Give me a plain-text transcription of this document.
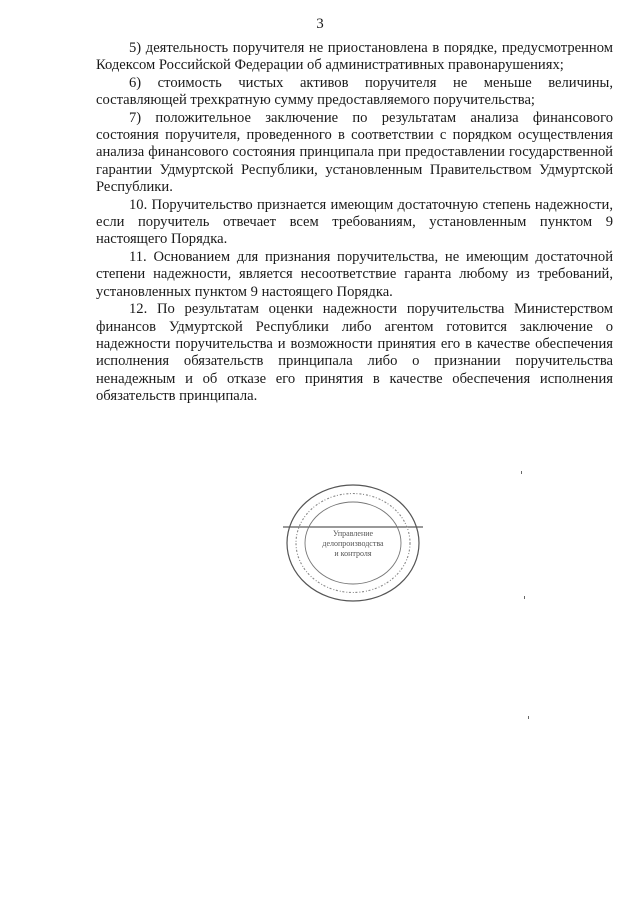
3

5) деятельность поручителя не приостановлена в порядке, предусмотренном Кодексом Российской Федерации об административных правонарушениях;

6) стоимость чистых активов поручителя не меньше величины, составляющей трехкратную сумму предоставляемого поручительства;

7) положительное заключение по результатам анализа финансового состояния поручителя, проведенного в соответствии с порядком осуществления анализа финансового состояния принципала при предоставлении государственной гарантии Удмуртской Республики, установленным Правительством Удмуртской Республики.

10. Поручительство признается имеющим достаточную степень надежности, если поручитель отвечает всем требованиям, установленным пунктом 9 настоящего Порядка.

11. Основанием для признания поручительства, не имеющим достаточной степени надежности, является несоответствие гаранта любому из требований, установленных пунктом 9 настоящего Порядка.

12. По результатам оценки надежности поручительства Министерством финансов Удмуртской Республики либо агентом готовится заключение о надежности поручительства и возможности принятия его в качестве обеспечения исполнения обязательств принципала либо о признании поручительства ненадежным и об отказе его принятия в качестве обеспечения исполнения обязательств принципала.

Управление
делопроизводства
и контроля
